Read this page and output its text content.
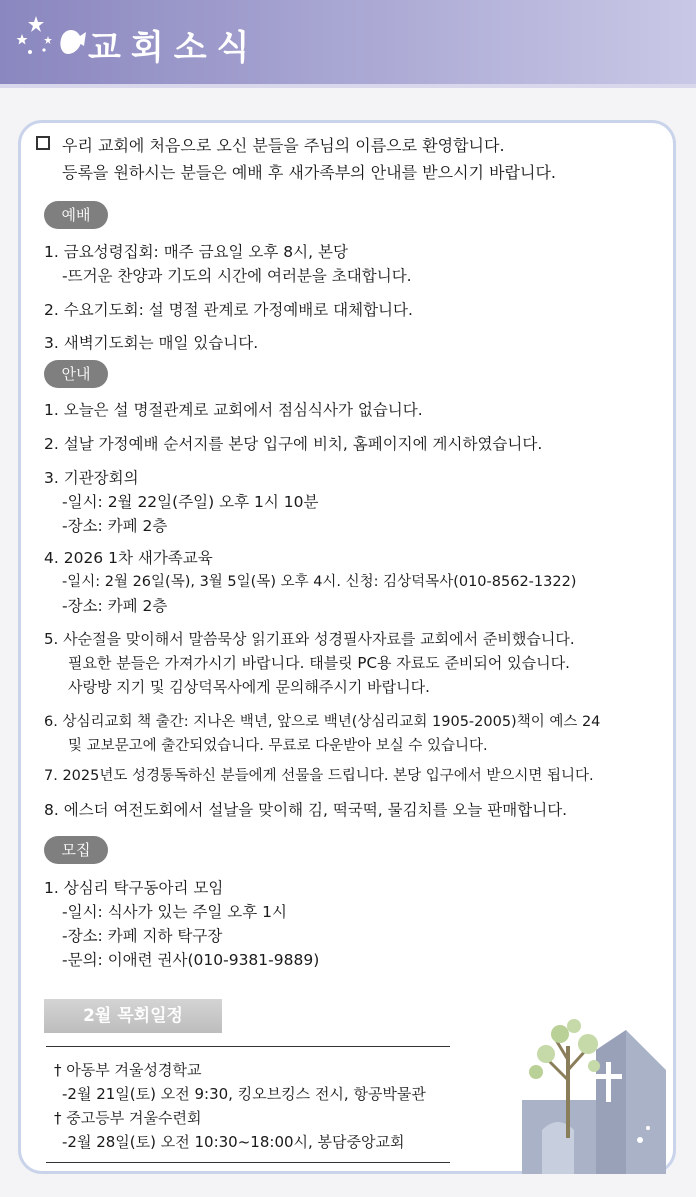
교회소식
우리 교회에 처음으로 오신 분들을 주님의 이름으로 환영합니다.
등록을 원하시는 분들은 예배 후 새가족부의 안내를 받으시기 바랍니다.
예배
1. 금요성령집회: 매주 금요일 오후 8시, 본당
-뜨거운 찬양과 기도의 시간에 여러분을 초대합니다.
2. 수요기도회: 설 명절 관계로 가정예배로 대체합니다.
3. 새벽기도회는 매일 있습니다.
안내
1. 오늘은 설 명절관계로 교회에서 점심식사가 없습니다.
2. 설날 가정예배 순서지를 본당 입구에 비치, 홈페이지에 게시하였습니다.
3. 기관장회의
-일시: 2월 22일(주일) 오후 1시 10분
-장소: 카페 2층
4. 2026 1차 새가족교육
-일시: 2월 26일(목), 3월 5일(목) 오후 4시. 신청: 김상덕목사(010-8562-1322)
-장소: 카페 2층
5. 사순절을 맞이해서 말씀묵상 읽기표와 성경필사자료를 교회에서 준비했습니다.
필요한 분들은 가져가시기 바랍니다. 태블릿 PC용 자료도 준비되어 있습니다.
사랑방 지기 및 김상덕목사에게 문의해주시기 바랍니다.
6. 상심리교회 책 출간: 지나온 백년, 앞으로 백년(상심리교회 1905-2005)책이 예스 24
및 교보문고에 출간되었습니다. 무료로 다운받아 보실 수 있습니다.
7. 2025년도 성경통독하신 분들에게 선물을 드립니다. 본당 입구에서 받으시면 됩니다.
8. 에스더 여전도회에서 설날을 맞이해 김, 떡국떡, 물김치를 오늘 판매합니다.
모집
1. 상심리 탁구동아리 모임
-일시: 식사가 있는 주일 오후 1시
-장소: 카페 지하 탁구장
-문의: 이애련 권사(010-9381-9889)
2월 목회일정
† 아동부 겨울성경학교
-2월 21일(토) 오전 9:30, 킹오브킹스 전시, 항공박물관
† 중고등부 겨울수련회
-2월 28일(토) 오전 10:30~18:00시, 봉담중앙교회
